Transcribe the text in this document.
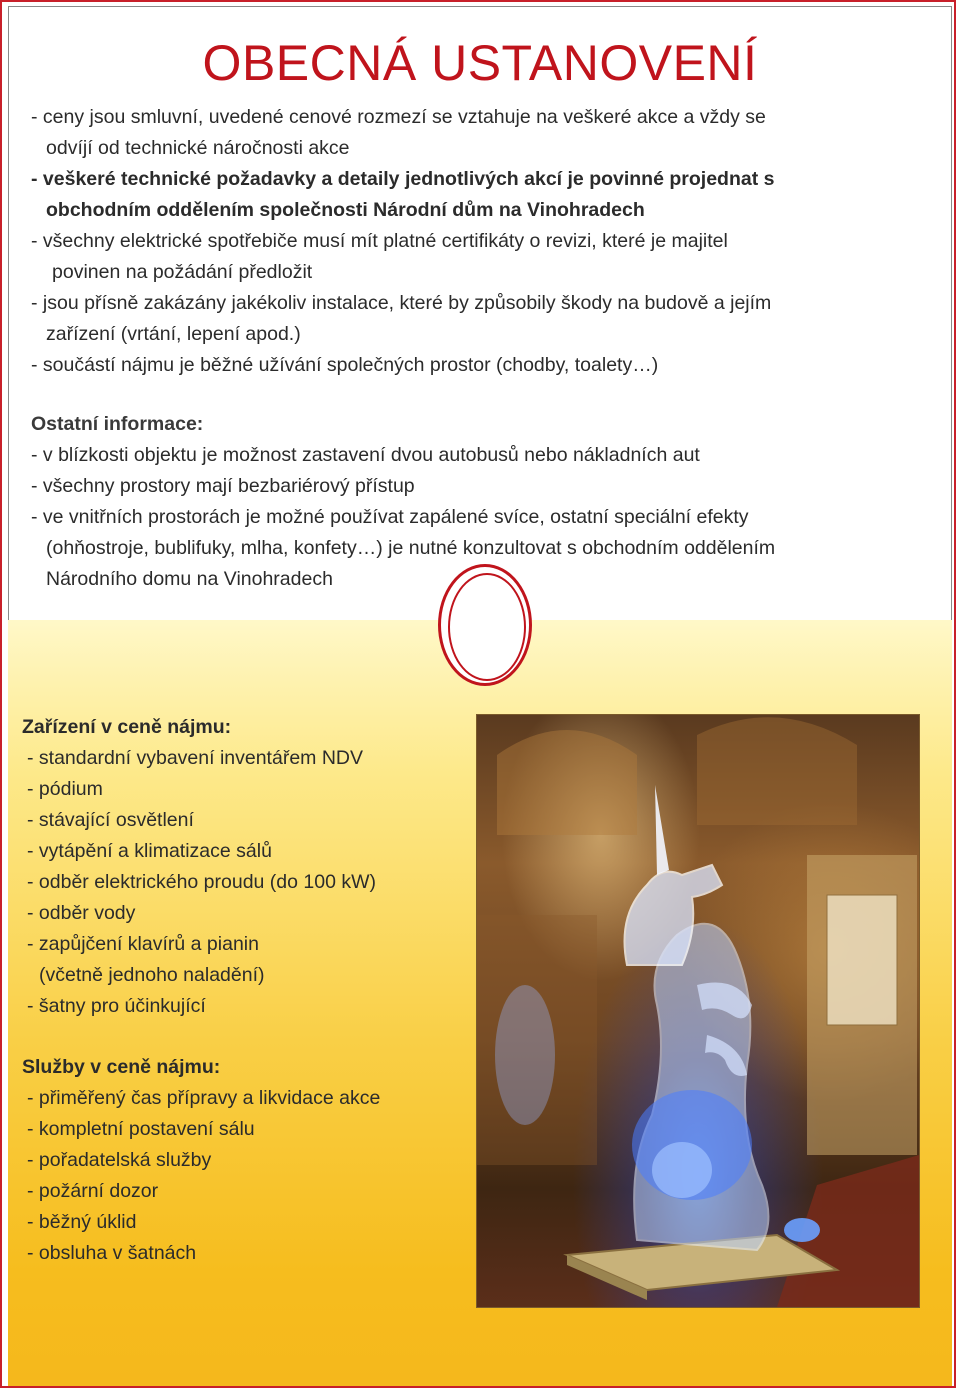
OBECNÁ USTANOVENÍ
- ceny jsou smluvní, uvedené cenové rozmezí se vztahuje na veškeré akce a vždy se
odvíjí od technické náročnosti akce
- veškeré technické požadavky a detaily jednotlivých akcí je povinné projednat s
obchodním oddělením společnosti Národní dům na Vinohradech
- všechny elektrické spotřebiče musí mít platné certifikáty o revizi, které je majitel
povinen na požádání předložit
- jsou přísně zakázány jakékoliv instalace, které by způsobily škody na budově a jejím
zařízení (vrtání, lepení apod.)
- součástí nájmu je běžné užívání společných prostor (chodby, toalety…)
Ostatní informace:
- v blízkosti objektu je možnost zastavení dvou autobusů nebo nákladních aut
- všechny prostory mají bezbariérový přístup
- ve vnitřních prostorách je možné používat zapálené svíce, ostatní speciální efekty
(ohňostroje, bublifuky, mlha, konfety…) je nutné konzultovat s obchodním oddělením
Národního domu na Vinohradech
Zařízení v ceně nájmu:
- standardní vybavení inventářem NDV
- pódium
- stávající osvětlení
- vytápění a klimatizace sálů
- odběr elektrického proudu (do 100 kW)
- odběr vody
- zapůjčení klavírů a pianin
(včetně jednoho naladění)
- šatny pro účinkující
Služby v ceně nájmu:
- přiměřený čas přípravy a likvidace akce
- kompletní postavení sálu
- pořadatelská služby
- požární dozor
- běžný úklid
- obsluha v šatnách
